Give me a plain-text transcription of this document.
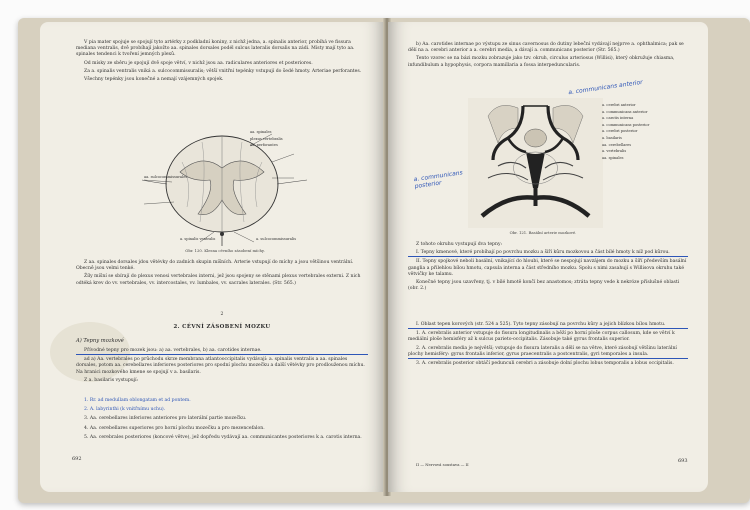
V pia mater spojuje se spojují tyto artérky z podkladní koniny, z nichž jedna, a. spinalis anterior, probíhá ve fissura mediana ventralis, dvě probíhají jakožto aa. spinales dorsales podél sulcus lateralis dorsalis na zádi. Místy mají tyto aa. spinales tendenci k tvoření jemných plexů.

Od mísky ze sběru je spojují dvě spoje větví, v nichž jsou aa. radiculares anteriores et posteriores.

Za a. spinalis ventralis vniká a. sulcocommissuralis; větší vnitřní tepénky vstupují do šedé hmoty. Arteriae perforantes.

Všechny tepénky jsou konečné a nemají vzájemných spojek.

aa. spinales
plexus vertebralis
aa. perforantes
aa. sulcocommissurales
a. spinalis ventralis	a. sulcocommissuralis
Obr. 120. Klesna cévního zásobení míchy.

Z aa. spinales dorsales jdou větévky do zadních skupin míšních. Arterie vstupují do míchy a jsou většinou ventrální. Obecně jsou velmi tenké.

Žíly míšní se sbírají do plexus venosi vertebrales interni, jež jsou spojeny se stěnami plexus vertebrales externi. Z nich odtéká krev do vv. vertebrales, vv. intercostales, vv. lumbales, vv. sacrales laterales. (Str. 565.)

2
2. CÉVNÍ ZÁSOBENÍ MOZKU
A) Tepny mozkové

Přívodné tepny pro mozek jsou: a) aa. vertebrales, b) aa. carotides internae.

ad a) Aa. vertebrales po průchodu skrze membrana atlantooccipitalis vydávají: a. spinalis ventralis a aa. spinales dorsales, potom aa. cerebellares inferiores posteriores pro spodní plochu mozečku a další větévky pro prodlouženou míchu. Na hranici mozkového kmene se spojují v a. basilaris.

Z a. basilaris vystupují:

1. Rr. ad medullam oblongatam et ad pontem.
2. A. labyrinthi (k vnitřnímu uchu).
3. Aa. cerebellares inferiores anteriores pro laterální partie mozečku.
4. Aa. cerebellares superiores pro horní plochu mozečku a pro mezencefalon.
5. Aa. cerebrales posteriores (koncové větve), jež dopředu vydávají aa. communicantes posteriores k a. carotis interna.
692

b) Aa. carotides internae po výstupu ze sinus cavernosus do dutiny lebeční vydávají nejprve a. ophthalmica; pak se dělí na a. cerebri anterior a a. cerebri media, a dávají a. communicans posterior (Str. 565.)

Tento vzorec se na bázi mozku zobrazuje jako tzv. okruh, circulus arteriosus (Willisi), který obkružuje chiasma, infundibulum a hypophysis, corpora mamillaria a fossa interpeduncularis.

a. cerebri anterior
a. communicans anterior
a. carotis interna
a. communicans posterior
a. cerebri posterior
a. basilaris
aa. cerebellares
a. vertebralis
aa. spinales
a. communicans anterior
a. communicans posterior
Obr. 121. Basální arterie mozkové.

Z tohoto okruhu vystupují dva tepny:

I. Tepny kmenové, které probíhají po povrchu mozku a šíří kůru mozkovou a část bílé hmoty k níž pod kůrou.

II. Tepny spojkové neboli basální, vnikající do hloubi, které se nespojují navzájem do mozku a šíří především basální ganglia a přilehlou bílou hmotu, capsula interna a část středního mozku. Spolu s nimi zasahují s Willisova okruhu také větvičky ke talamu.

Konečné tepny jsou uzavřeny, tj. v bílé hmotě končí bez anastomos; ztráta tepny vede k nekróze příslušné oblasti (obr. 2.)

I. Oblast tepen korových (str. 524 a 525). Tyto tepny zásobují na povrchu kůry a jejich blízkou bílou hmotu.

1. A. cerebralis anterior vstupuje do fissura longitudinalis a běží po horní ploše corpus callosum, kde se větví k mediální ploše hemisféry až k sulcus parieto-occipitalis. Zásobuje také gyrus frontalis superior.

2. A. cerebralis media je největší; vstupuje do fissura lateralis a dělí se na větve, které zásobují většinu laterální plochy hemisféry: gyrus frontalis inferior, gyrus praecentralis a postcentralis, gyri temporales a insula.

3. A. cerebralis posterior obtáčí pedunculi cerebri a zásobuje dolní plochu lobus temporalis a lobus occipitalis.

II — Nervová soustava — II
693
